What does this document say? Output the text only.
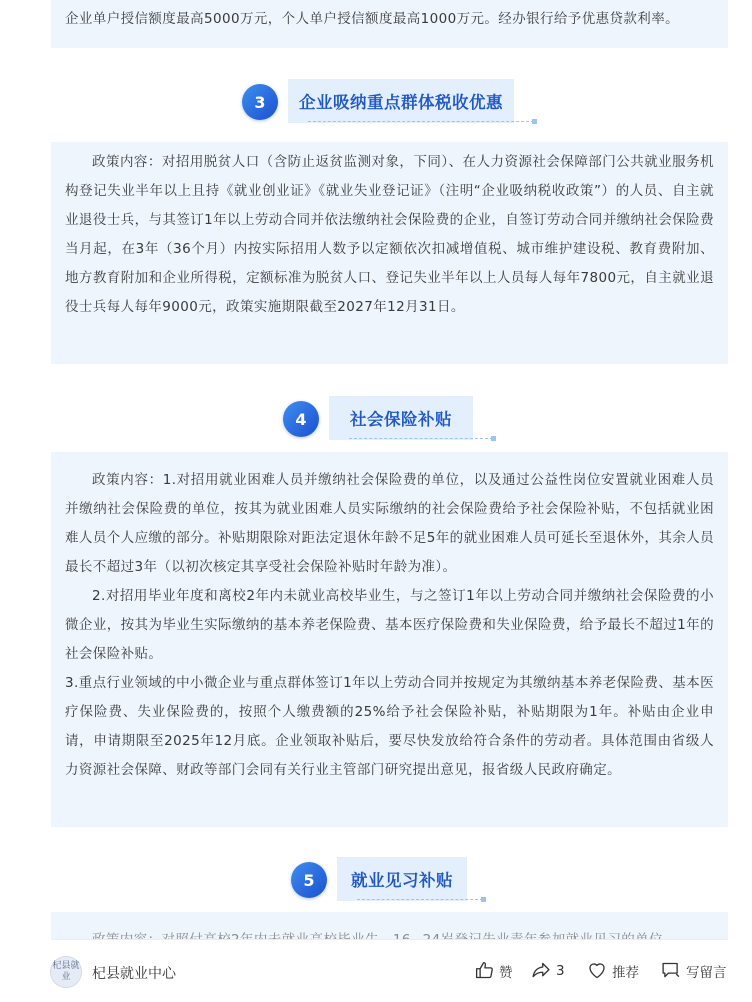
企业单户授信额度最高5000万元，个人单户授信额度最高1000万元。经办银行给予优惠贷款利率。

3	企业吸纳重点群体税收优惠

政策内容：对招用脱贫人口（含防止返贫监测对象，下同）、在人力资源社会保障部门公共就业服务机构登记失业半年以上且持《就业创业证》《就业失业登记证》（注明“企业吸纳税收政策”）的人员、自主就业退役士兵，与其签订1年以上劳动合同并依法缴纳社会保险费的企业，自签订劳动合同并缴纳社会保险费当月起，在3年（36个月）内按实际招用人数予以定额依次扣减增值税、城市维护建设税、教育费附加、地方教育附加和企业所得税，定额标准为脱贫人口、登记失业半年以上人员每人每年7800元，自主就业退役士兵每人每年9000元，政策实施期限截至2027年12月31日。

4	社会保险补贴

政策内容：1.对招用就业困难人员并缴纳社会保险费的单位，以及通过公益性岗位安置就业困难人员并缴纳社会保险费的单位，按其为就业困难人员实际缴纳的社会保险费给予社会保险补贴，不包括就业困难人员个人应缴的部分。补贴期限除对距法定退休年龄不足5年的就业困难人员可延长至退休外，其余人员最长不超过3年（以初次核定其享受社会保险补贴时年龄为准）。

2.对招用毕业年度和离校2年内未就业高校毕业生，与之签订1年以上劳动合同并缴纳社会保险费的小微企业，按其为毕业生实际缴纳的基本养老保险费、基本医疗保险费和失业保险费，给予最长不超过1年的社会保险补贴。

3.重点行业领域的中小微企业与重点群体签订1年以上劳动合同并按规定为其缴纳基本养老保险费、基本医疗保险费、失业保险费的，按照个人缴费额的25%给予社会保险补贴，补贴期限为1年。补贴由企业申请，申请期限至2025年12月底。企业领取补贴后，要尽快发放给符合条件的劳动者。具体范围由省级人力资源社会保障、财政等部门会同有关行业主管部门研究提出意见，报省级人民政府确定。

5	就业见习补贴

杞县就业	杞县就业中心	赞	3	推荐	写留言
